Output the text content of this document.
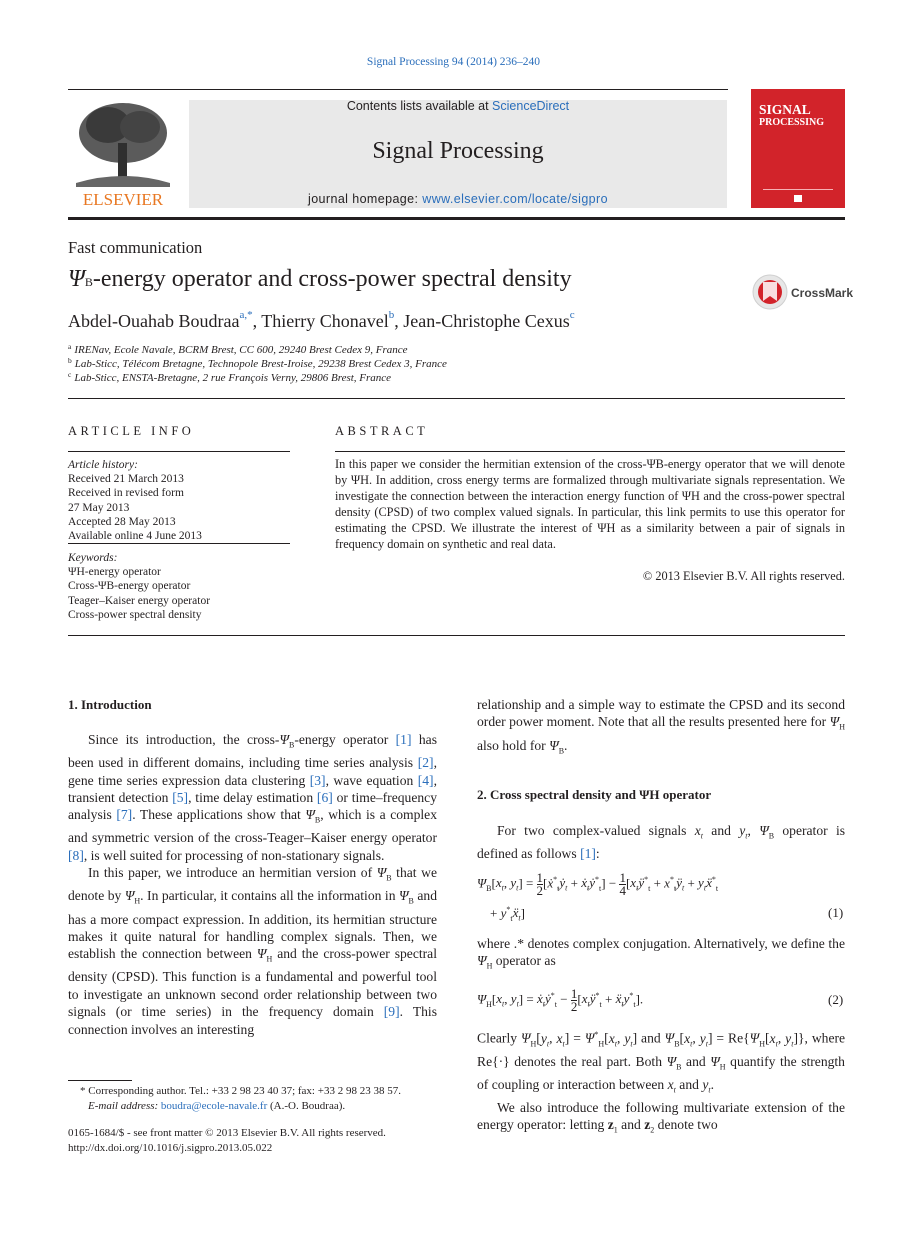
Signal Processing 94 (2014) 236–240
ELSEVIER
Contents lists available at ScienceDirect
Signal Processing
journal homepage: www.elsevier.com/locate/sigpro
SIGNAL
PROCESSING
Fast communication
ΨB-energy operator and cross-power spectral density
CrossMark
Abdel-Ouahab Boudraa$^{a,*}$, Thierry Chonavel$^b$, Jean-Christophe Cexus$^c$
$^a$ IRENav, Ecole Navale, BCRM Brest, CC 600, 29240 Brest Cedex 9, France
$^b$ Lab-Sticc, Télécom Bretagne, Technopole Brest-Iroise, 29238 Brest Cedex 3, France
$^c$ Lab-Sticc, ENSTA-Bretagne, 2 rue François Verny, 29806 Brest, France
ARTICLE INFO	ABSTRACT
Article history:
Received 21 March 2013
Received in revised form
27 May 2013
Accepted 28 May 2013
Available online 4 June 2013
Keywords:
ΨH-energy operator
Cross-ΨB-energy operator
Teager–Kaiser energy operator
Cross-power spectral density
In this paper we consider the hermitian extension of the cross-ΨB-energy operator that we will denote by ΨH. In addition, cross energy terms are formalized through multivariate signals representation. We investigate the connection between the interaction energy function of ΨH and the cross-power spectral density (CPSD) of two complex valued signals. In particular, this link permits to use this operator for estimating the CPSD. We illustrate the interest of ΨH as a similarity between a pair of signals in frequency domain on synthetic and real data.
© 2013 Elsevier B.V. All rights reserved.
1. Introduction

Since its introduction, the cross-$\Psi_B$-energy operator [1] has been used in different domains, including time series analysis [2], gene time series expression data clustering [3], wave equation [4], transient detection [5], time delay estimation [6] or time–frequency analysis [7]. These applications show that $\Psi_B$, which is a complex and symmetric version of the cross-Teager–Kaiser energy operator [8], is well suited for processing of non-stationary signals.

In this paper, we introduce an hermitian version of $\Psi_B$ that we denote by $\Psi_H$. In particular, it contains all the information in $\Psi_B$ and has a more compact expression. In addition, its hermitian structure makes it quite natural for handling complex signals. Then, we establish the connection between $\Psi_H$ and the cross-power spectral density (CPSD). This function is a fundamental and powerful tool to investigate an unknown second order relationship between two signals (or time series) in the frequency domain [9]. This connection involves an interesting

relationship and a simple way to estimate the CPSD and its second order power moment. Note that all the results presented here for $\Psi_H$ also hold for $\Psi_B$.

2. Cross spectral density and ΨH operator

For two complex-valued signals $x_t$ and $y_t$, $\Psi_B$ operator is defined as follows [1]:

$\Psi_B[x_t$, $y_t] = \frac{1}{2}$ [ẋ*$_t$ẏ$_t$ + ẋ$_t$ẏ*$_t$] − $\frac{1}{4}$ [$x_tÿ^*_t$ + $x^*_tÿ_t$ + $y_tẍ^*_t$
+ $y^*_tẍ_t$]	(1)

where .* denotes complex conjugation. Alternatively, we define the $\Psi_H$ operator as

$\Psi_H[x_t$, $y_t$] = ẋ$_t$ẏ*$_t$ − $\frac{1}{2}$ [$x_tÿ^*_t$ + $ẍ_ty^*_t$].	(2)

Clearly $\Psi_H[y_t$, $x_t] = \Psi^*_H[x_t$, $y_t$] and $\Psi_B[x_t$, $y_t] = Re\{\Psi_H[x_t$, $y_t$]}, where Re{·} denotes the real part. Both $\Psi_B$ and $\Psi_H$ quantify the strength of coupling or interaction between $x_t$ and $y_t$.

We also introduce the following multivariate extension of the energy operator: letting $z_1$ and $z_2$ denote two

* Corresponding author. Tel.: +33 2 98 23 40 37; fax: +33 2 98 23 38 57.
E-mail address: boudra@ecole-navale.fr (A.-O. Boudraa).
0165-1684/$ - see front matter © 2013 Elsevier B.V. All rights reserved.
http://dx.doi.org/10.1016/j.sigpro.2013.05.022
